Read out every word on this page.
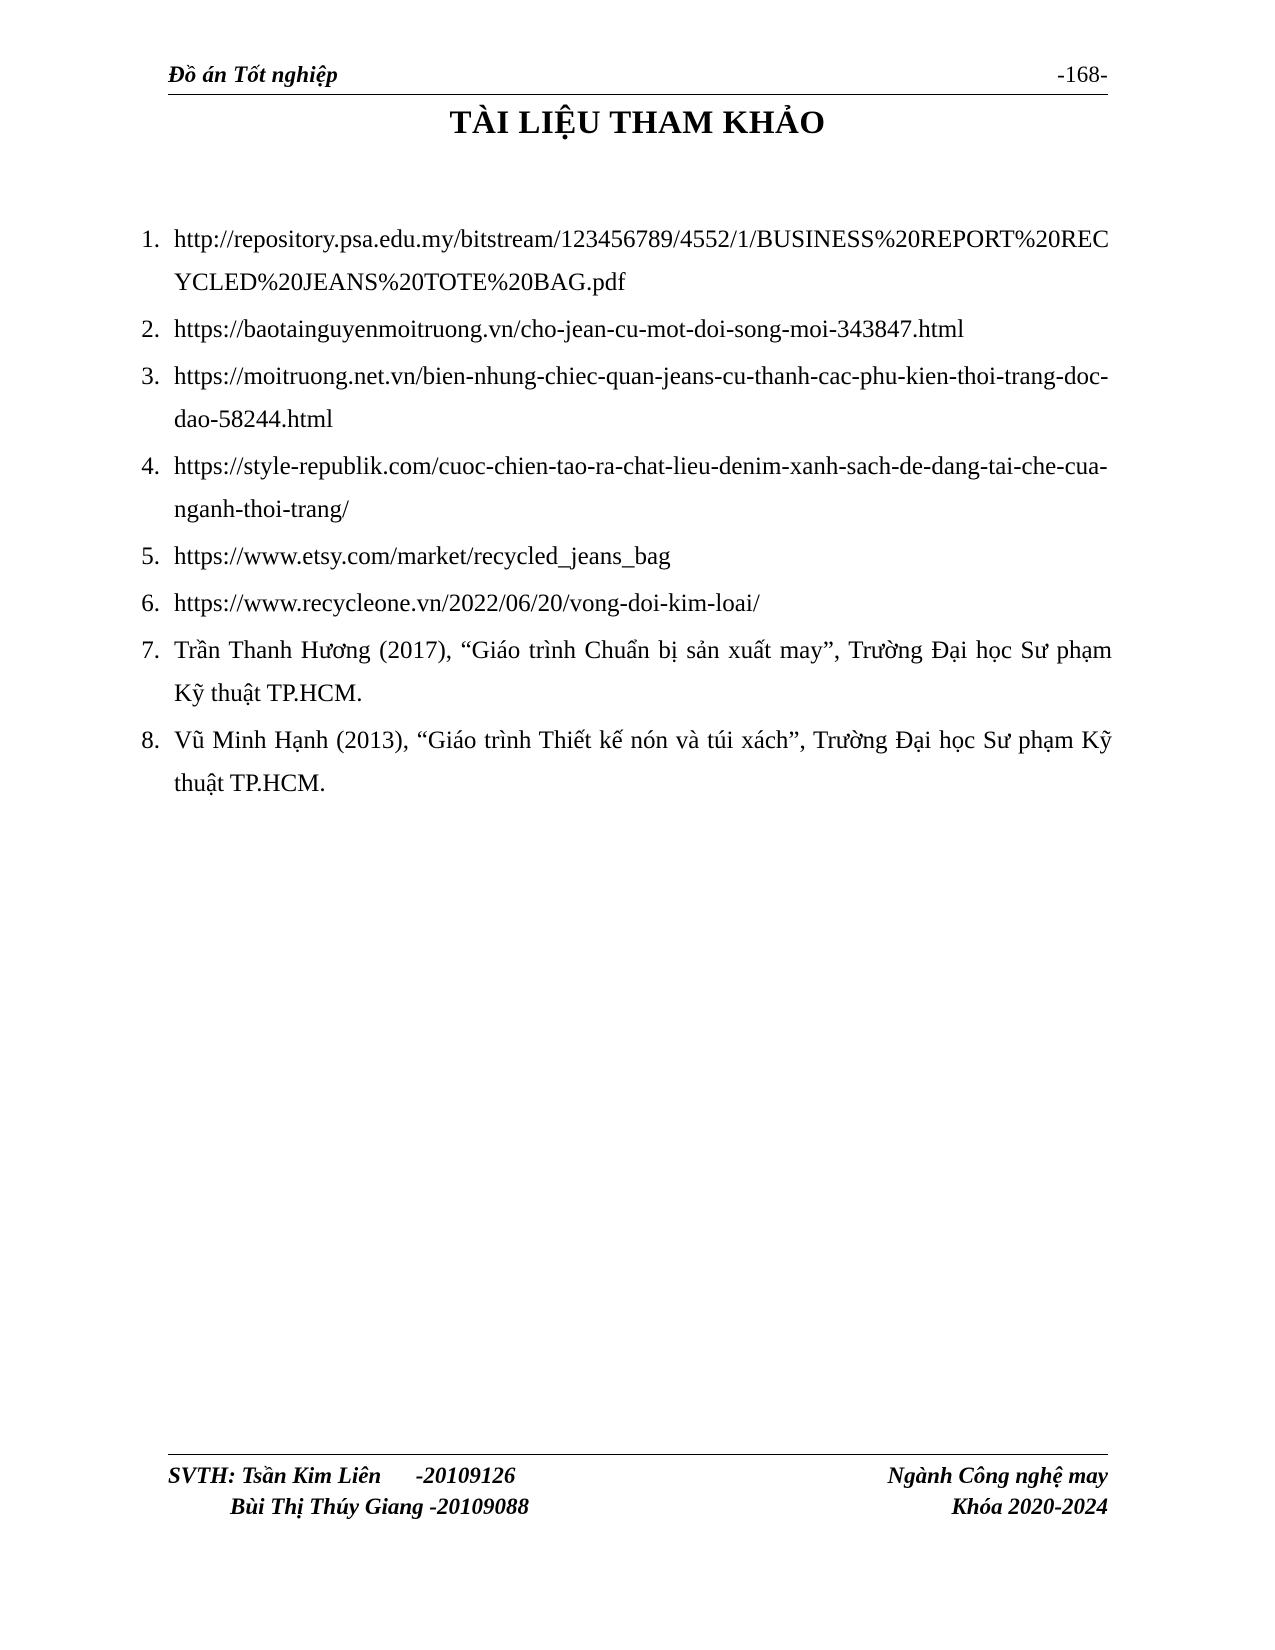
Đồ án Tốt nghiệp	-168-
TÀI LIỆU THAM KHẢO
1. http://repository.psa.edu.my/bitstream/123456789/4552/1/BUSINESS%20REPORT%20RECYCLED%20JEANS%20TOTE%20BAG.pdf
2. https://baotainguyenmoitruong.vn/cho-jean-cu-mot-doi-song-moi-343847.html
3. https://moitruong.net.vn/bien-nhung-chiec-quan-jeans-cu-thanh-cac-phu-kien-thoi-trang-doc-dao-58244.html
4. https://style-republik.com/cuoc-chien-tao-ra-chat-lieu-denim-xanh-sach-de-dang-tai-che-cua-nganh-thoi-trang/
5. https://www.etsy.com/market/recycled_jeans_bag
6. https://www.recycleone.vn/2022/06/20/vong-doi-kim-loai/
7. Trần Thanh Hương (2017), “Giáo trình Chuẩn bị sản xuất may”, Trường Đại học Sư phạm Kỹ thuật TP.HCM.
8. Vũ Minh Hạnh (2013), “Giáo trình Thiết kế nón và túi xách”, Trường Đại học Sư phạm Kỹ thuật TP.HCM.
SVTH: Tsần Kim Liên      -20109126	Ngành Công nghệ may
Bùi Thị Thúy Giang -20109088	Khóa 2020-2024
